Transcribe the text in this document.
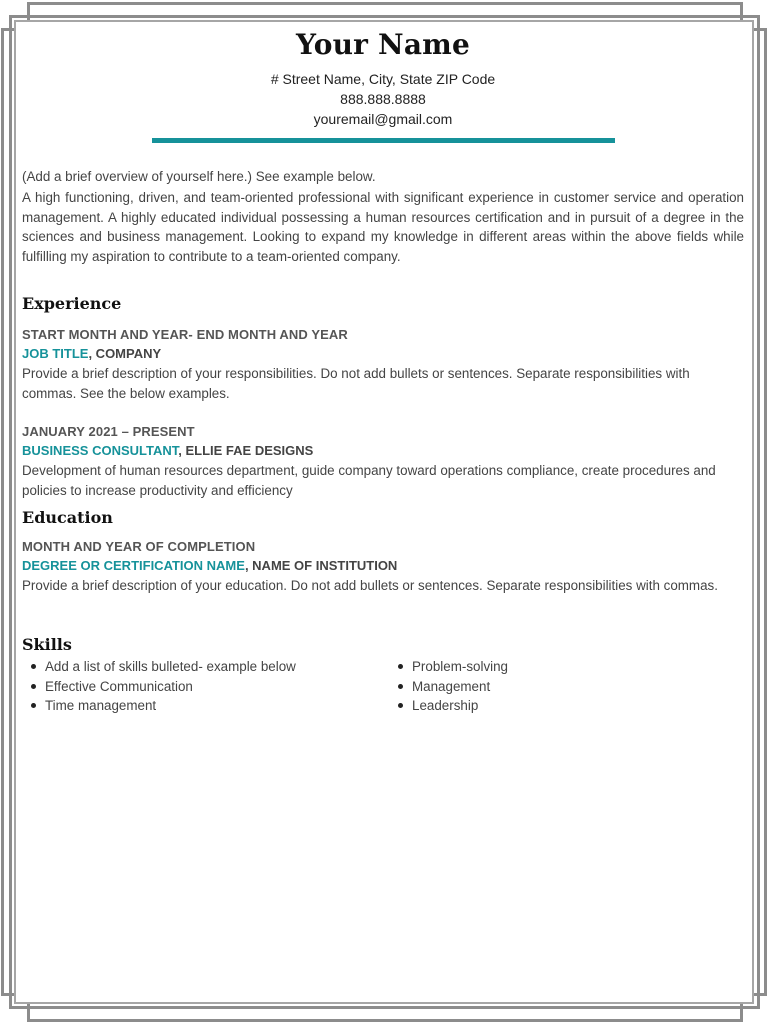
Your Name
# Street Name, City, State ZIP Code
888.888.8888
youremail@gmail.com
(Add a brief overview of yourself here.) See example below.
A high functioning, driven, and team-oriented professional with significant experience in customer service and operation management. A highly educated individual possessing a human resources certification and in pursuit of a degree in the sciences and business management. Looking to expand my knowledge in different areas within the above fields while fulfilling my aspiration to contribute to a team-oriented company.
Experience
START MONTH AND YEAR- END MONTH AND YEAR
JOB TITLE, COMPANY
Provide a brief description of your responsibilities. Do not add bullets or sentences. Separate responsibilities with commas. See the below examples.
JANUARY 2021 – PRESENT
BUSINESS CONSULTANT, ELLIE FAE DESIGNS
Development of human resources department, guide company toward operations compliance, create procedures and policies to increase productivity and efficiency
Education
MONTH AND YEAR OF COMPLETION
DEGREE OR CERTIFICATION NAME, NAME OF INSTITUTION
Provide a brief description of your education. Do not add bullets or sentences. Separate responsibilities with commas.
Skills
Add a list of skills bulleted- example below
Effective Communication
Time management
Problem-solving
Management
Leadership
